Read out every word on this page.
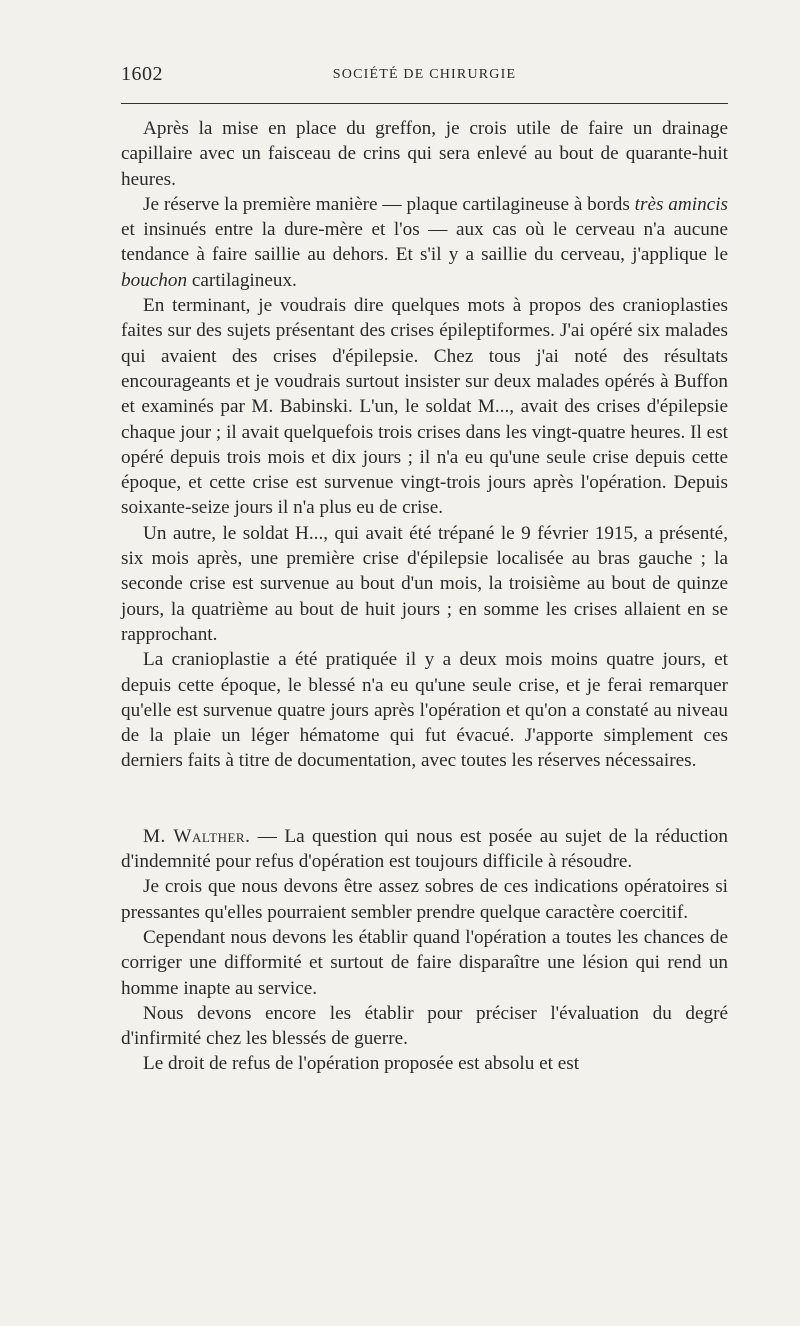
1602	SOCIÉTÉ DE CHIRURGIE

Après la mise en place du greffon, je crois utile de faire un drainage capillaire avec un faisceau de crins qui sera enlevé au bout de quarante-huit heures.

Je réserve la première manière — plaque cartilagineuse à bords très amincis et insinués entre la dure-mère et l'os — aux cas où le cerveau n'a aucune tendance à faire saillie au dehors. Et s'il y a saillie du cerveau, j'applique le bouchon cartilagineux.

En terminant, je voudrais dire quelques mots à propos des cranioplasties faites sur des sujets présentant des crises épileptiformes. J'ai opéré six malades qui avaient des crises d'épilepsie. Chez tous j'ai noté des résultats encourageants et je voudrais surtout insister sur deux malades opérés à Buffon et examinés par M. Babinski. L'un, le soldat M..., avait des crises d'épilepsie chaque jour ; il avait quelquefois trois crises dans les vingt-quatre heures. Il est opéré depuis trois mois et dix jours ; il n'a eu qu'une seule crise depuis cette époque, et cette crise est survenue vingt-trois jours après l'opération. Depuis soixante-seize jours il n'a plus eu de crise.

Un autre, le soldat H..., qui avait été trépané le 9 février 1915, a présenté, six mois après, une première crise d'épilepsie localisée au bras gauche ; la seconde crise est survenue au bout d'un mois, la troisième au bout de quinze jours, la quatrième au bout de huit jours ; en somme les crises allaient en se rapprochant.

La cranioplastie a été pratiquée il y a deux mois moins quatre jours, et depuis cette époque, le blessé n'a eu qu'une seule crise, et je ferai remarquer qu'elle est survenue quatre jours après l'opération et qu'on a constaté au niveau de la plaie un léger hématome qui fut évacué. J'apporte simplement ces derniers faits à titre de documentation, avec toutes les réserves nécessaires.

M. Walther. — La question qui nous est posée au sujet de la réduction d'indemnité pour refus d'opération est toujours difficile à résoudre.

Je crois que nous devons être assez sobres de ces indications opératoires si pressantes qu'elles pourraient sembler prendre quelque caractère coercitif.

Cependant nous devons les établir quand l'opération a toutes les chances de corriger une difformité et surtout de faire disparaître une lésion qui rend un homme inapte au service.

Nous devons encore les établir pour préciser l'évaluation du degré d'infirmité chez les blessés de guerre.

Le droit de refus de l'opération proposée est absolu et est
